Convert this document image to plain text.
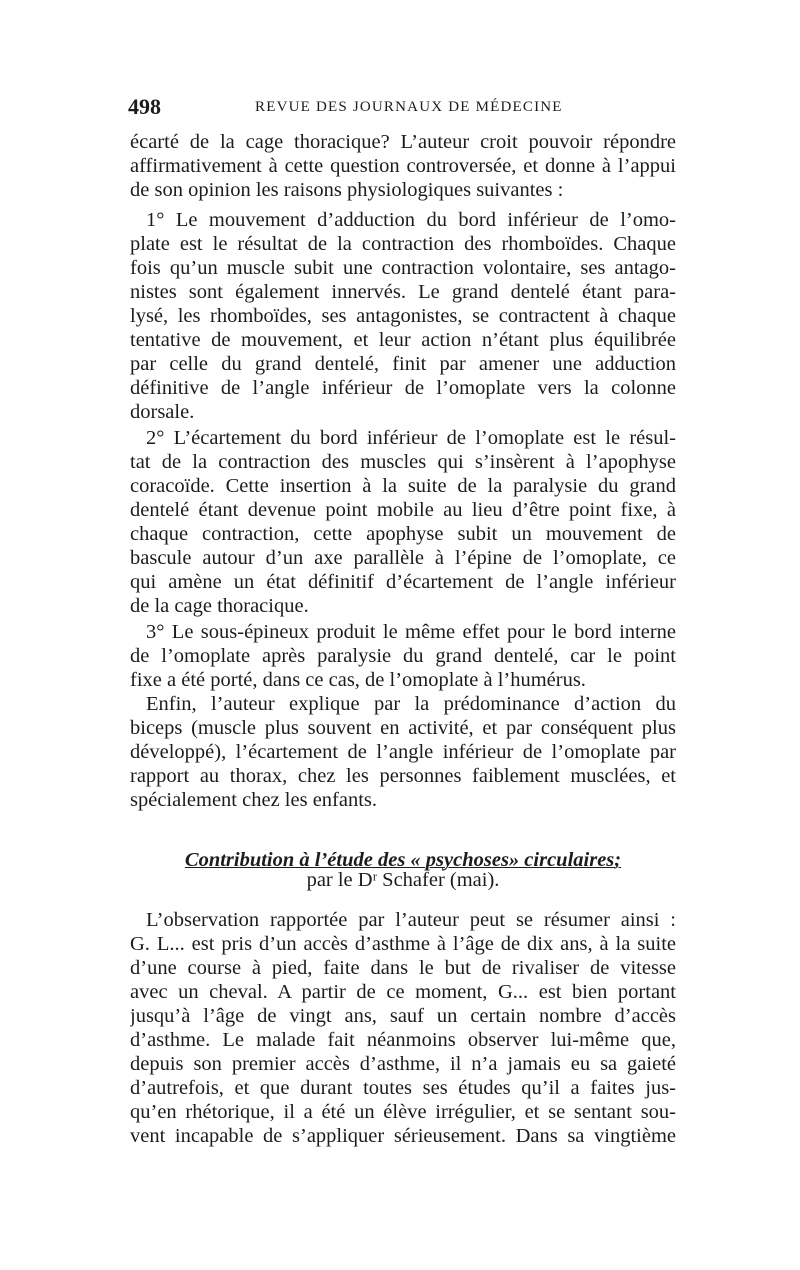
498	REVUE DES JOURNAUX DE MÉDECINE
écarté de la cage thoracique? L’auteur croit pouvoir répondre
affirmativement à cette question controversée, et donne à l’appui
de son opinion les raisons physiologiques suivantes :
1° Le mouvement d’adduction du bord inférieur de l’omo-
plate est le résultat de la contraction des rhomboïdes. Chaque
fois qu’un muscle subit une contraction volontaire, ses antago-
nistes sont également innervés. Le grand dentelé étant para-
lysé, les rhomboïdes, ses antagonistes, se contractent à chaque
tentative de mouvement, et leur action n’étant plus équilibrée
par celle du grand dentelé, finit par amener une adduction
définitive de l’angle inférieur de l’omoplate vers la colonne
dorsale.
2° L’écartement du bord inférieur de l’omoplate est le résul-
tat de la contraction des muscles qui s’insèrent à l’apophyse
coracoïde. Cette insertion à la suite de la paralysie du grand
dentelé étant devenue point mobile au lieu d’être point fixe, à
chaque contraction, cette apophyse subit un mouvement de
bascule autour d’un axe parallèle à l’épine de l’omoplate, ce
qui amène un état définitif d’écartement de l’angle inférieur
de la cage thoracique.
3° Le sous-épineux produit le même effet pour le bord interne
de l’omoplate après paralysie du grand dentelé, car le point
fixe a été porté, dans ce cas, de l’omoplate à l’humérus.
Enfin, l’auteur explique par la prédominance d’action du
biceps (muscle plus souvent en activité, et par conséquent plus
développé), l’écartement de l’angle inférieur de l’omoplate par
rapport au thorax, chez les personnes faiblement musclées, et
spécialement chez les enfants.
Contribution à l’étude des « psychoses» circulaires;
par le Dʳ Schafer (mai).
L’observation rapportée par l’auteur peut se résumer ainsi :
G. L... est pris d’un accès d’asthme à l’âge de dix ans, à la suite
d’une course à pied, faite dans le but de rivaliser de vitesse
avec un cheval. A partir de ce moment, G... est bien portant
jusqu’à l’âge de vingt ans, sauf un certain nombre d’accès
d’asthme. Le malade fait néanmoins observer lui-même que,
depuis son premier accès d’asthme, il n’a jamais eu sa gaieté
d’autrefois, et que durant toutes ses études qu’il a faites jus-
qu’en rhétorique, il a été un élève irrégulier, et se sentant sou-
vent incapable de s’appliquer sérieusement. Dans sa vingtième
